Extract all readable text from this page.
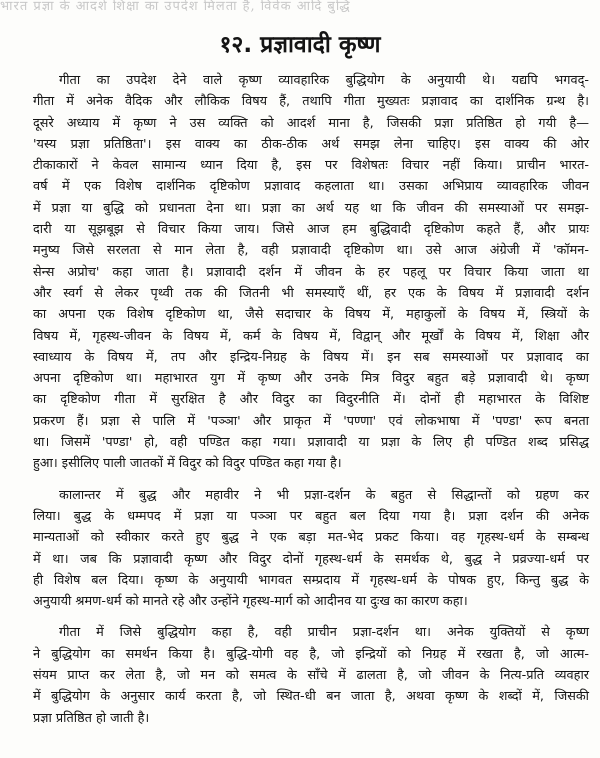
भारत प्रज्ञा के आदर्श शिक्षा का उपदेश मिलता है, विवेक आदि बुद्धि
१२. प्रज्ञावादी कृष्ण
गीता का उपदेश देने वाले कृष्ण व्यावहारिक बुद्धियोग के अनुयायी थे। यद्यपि भगवद्-
गीता में अनेक वैदिक और लौकिक विषय हैं, तथापि गीता मुख्यतः प्रज्ञावाद का दार्शनिक ग्रन्थ है।
दूसरे अध्याय में कृष्ण ने उस व्यक्ति को आदर्श माना है, जिसकी प्रज्ञा प्रतिष्ठित हो गयी है—
'यस्य प्रज्ञा प्रतिष्ठिता'। इस वाक्य का ठीक-ठीक अर्थ समझ लेना चाहिए। इस वाक्य की ओर
टीकाकारों ने केवल सामान्य ध्यान दिया है, इस पर विशेषतः विचार नहीं किया। प्राचीन भारत-
वर्ष में एक विशेष दार्शनिक दृष्टिकोण प्रज्ञावाद कहलाता था। उसका अभिप्राय व्यावहारिक जीवन
में प्रज्ञा या बुद्धि को प्रधानता देना था। प्रज्ञा का अर्थ यह था कि जीवन की समस्याओं पर समझ-
दारी या सूझबूझ से विचार किया जाय। जिसे आज हम बुद्धिवादी दृष्टिकोण कहते हैं, और प्रायः
मनुष्य जिसे सरलता से मान लेता है, वही प्रज्ञावादी दृष्टिकोण था। उसे आज अंग्रेजी में 'कॉमन-
सेन्स अप्रोच' कहा जाता है। प्रज्ञावादी दर्शन में जीवन के हर पहलू पर विचार किया जाता था
और स्वर्ग से लेकर पृथ्वी तक की जितनी भी समस्याएँ थीं, हर एक के विषय में प्रज्ञावादी दर्शन
का अपना एक विशेष दृष्टिकोण था, जैसे सदाचार के विषय में, महाकुलों के विषय में, स्त्रियों के
विषय में, गृहस्थ-जीवन के विषय में, कर्म के विषय में, विद्वान् और मूर्खों के विषय में, शिक्षा और
स्वाध्याय के विषय में, तप और इन्द्रिय-निग्रह के विषय में। इन सब समस्याओं पर प्रज्ञावाद का
अपना दृष्टिकोण था। महाभारत युग में कृष्ण और उनके मित्र विदुर बहुत बड़े प्रज्ञावादी थे। कृष्ण
का दृष्टिकोण गीता में सुरक्षित है और विदुर का विदुरनीति में। दोनों ही महाभारत के विशिष्ट
प्रकरण हैं। प्रज्ञा से पालि में 'पञ्ञा' और प्राकृत में 'पण्णा' एवं लोकभाषा में 'पण्डा' रूप बनता
था। जिसमें 'पण्डा' हो, वही पण्डित कहा गया। प्रज्ञावादी या प्रज्ञा के लिए ही पण्डित शब्द प्रसिद्ध
हुआ। इसीलिए पाली जातकों में विदुर को विदुर पण्डित कहा गया है।
कालान्तर में बुद्ध और महावीर ने भी प्रज्ञा-दर्शन के बहुत से सिद्धान्तों को ग्रहण कर
लिया। बुद्ध के धम्मपद में प्रज्ञा या पञ्ञा पर बहुत बल दिया गया है। प्रज्ञा दर्शन की अनेक
मान्यताओं को स्वीकार करते हुए बुद्ध ने एक बड़ा मत-भेद प्रकट किया। वह गृहस्थ-धर्म के सम्बन्ध
में था। जब कि प्रज्ञावादी कृष्ण और विदुर दोनों गृहस्थ-धर्म के समर्थक थे, बुद्ध ने प्रव्रज्या-धर्म पर
ही विशेष बल दिया। कृष्ण के अनुयायी भागवत सम्प्रदाय में गृहस्थ-धर्म के पोषक हुए, किन्तु बुद्ध के
अनुयायी श्रमण-धर्म को मानते रहे और उन्होंने गृहस्थ-मार्ग को आदीनव या दुःख का कारण कहा।
गीता में जिसे बुद्धियोग कहा है, वही प्राचीन प्रज्ञा-दर्शन था। अनेक युक्तियों से कृष्ण
ने बुद्धियोग का समर्थन किया है। बुद्धि-योगी वह है, जो इन्द्रियों को निग्रह में रखता है, जो आत्म-
संयम प्राप्त कर लेता है, जो मन को समत्व के साँचे में ढालता है, जो जीवन के नित्य-प्रति व्यवहार
में बुद्धियोग के अनुसार कार्य करता है, जो स्थित-धी बन जाता है, अथवा कृष्ण के शब्दों में, जिसकी
प्रज्ञा प्रतिष्ठित हो जाती है।
